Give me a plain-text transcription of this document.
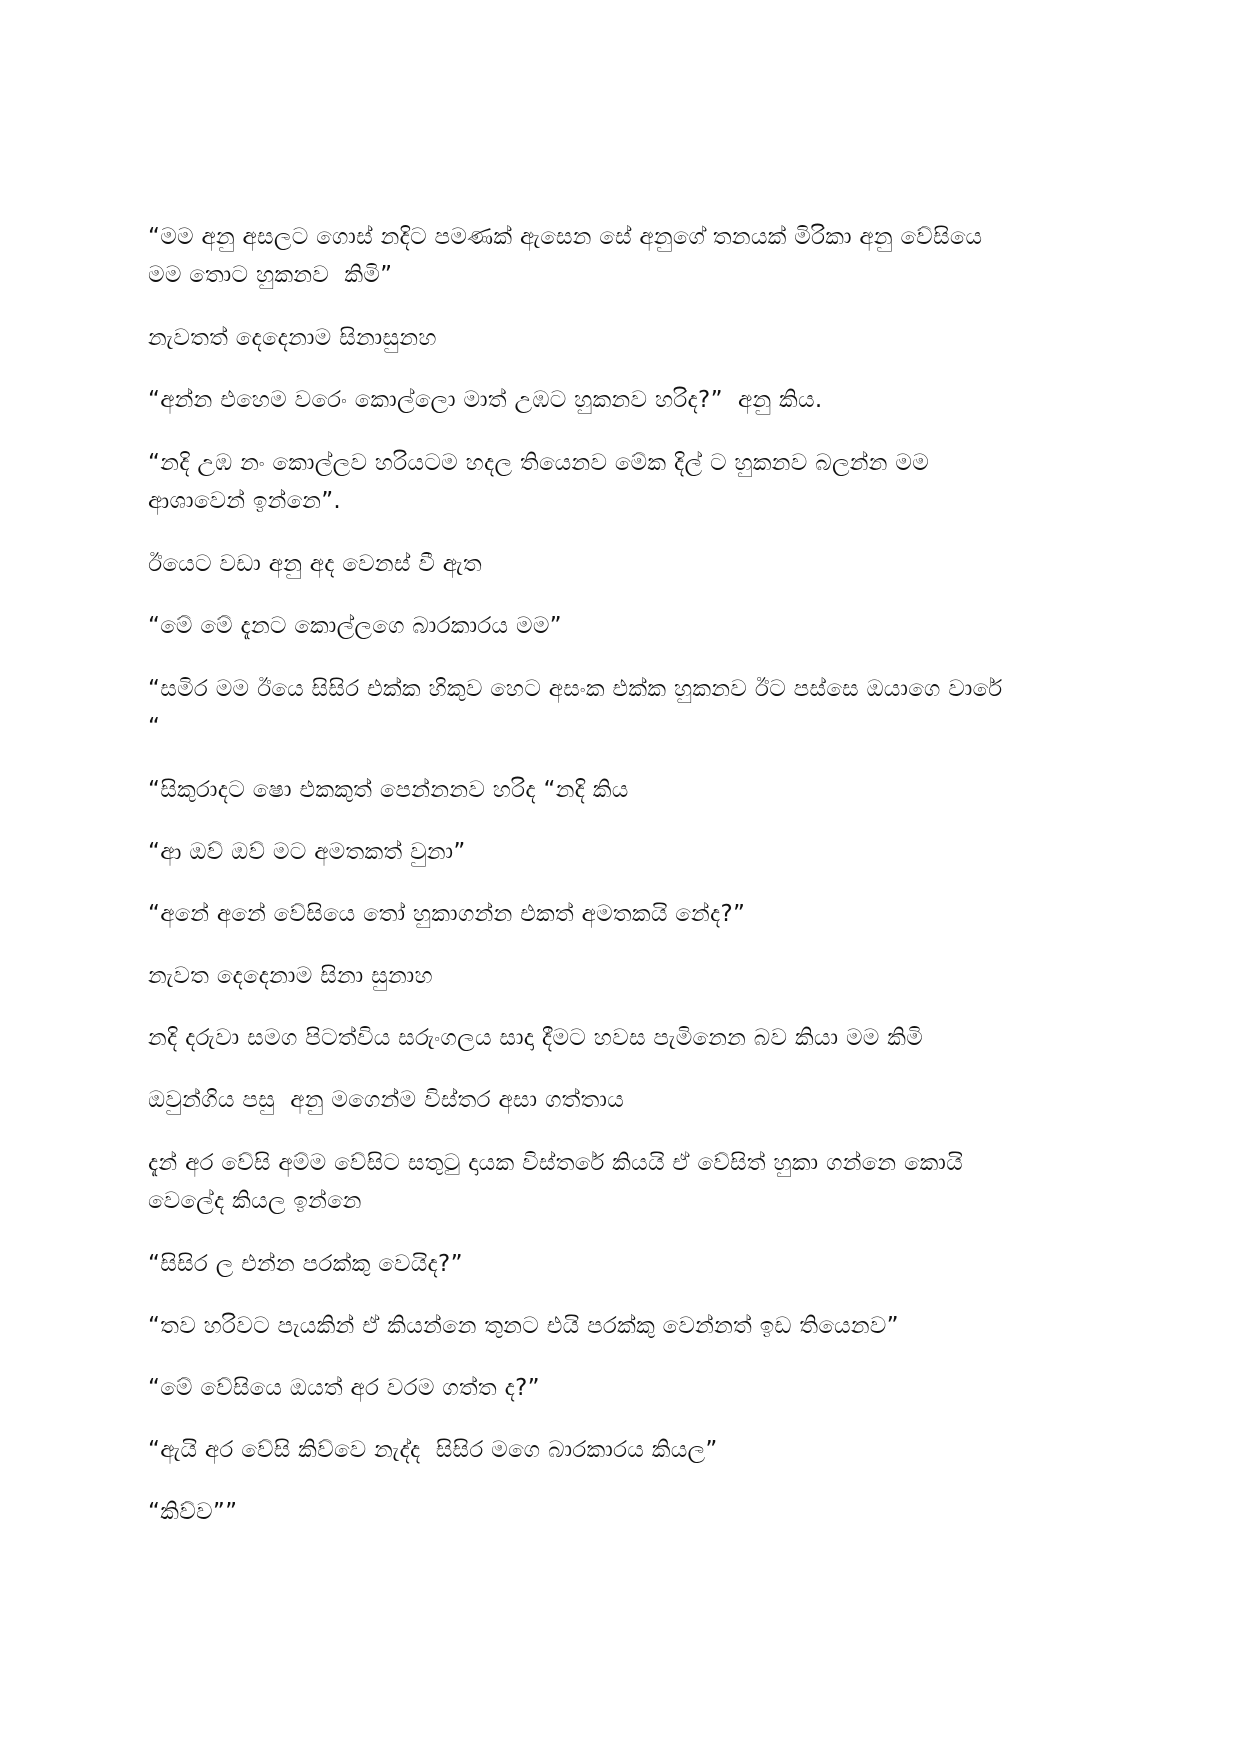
“මම අනු අසලට ගොස් නදිට පමණක් ඇසෙන සේ අනුගේ තනයක් මිරිකා අනු වේසියෙ
මම තොට හුකනව  කිමි”

නැවතත් දෙදෙනාම සිනාසුනහ

“අන්න එහෙම වරෙං කොල්ලො මාත් උඹට හුකනව හරිද?”  අනු කිය.

“නදි උඹ නං කොල්ලව හරියටම හදල තියෙනව මේක දිල් ට හුකනව බලන්න මම
ආශාවෙන් ඉන්නෙ”.

ඊයෙට වඩා අනු අද වෙනස් වී ඇත

“මේ මේ දැනට කොල්ලගෙ බාරකාරය මම”

“සමිර මම ඊයෙ සිසිර එක්ක හිකුව හෙට අසංක එක්ක හුකනව ඊට පස්සෙ ඔයාගෙ වාරේ
“

“සිකුරාදට ෂො එකකුත් පෙන්නනව හරිද “නදි කිය

“ආ ඔව් ඔව් මට අමතකත් වුනා”

“අනේ අනේ වේසියෙ තෝ හුකාගන්න එකත් අමතකයි නේද?”

නැවත දෙදෙනාම සිනා සුනාහ

නදි දරුවා සමග පිටත්විය සරුංගලය සාදා දීමට හවස පැමිනෙන බව කියා මම කිමි

ඔවුන්ගිය පසු  අනු මගෙන්ම විස්තර අසා ගත්තාය

දැන් අර වේසි අම්ම වේසිට සතුටු දායක විස්තරේ කියයි ඒ වේසිත් හුකා ගන්නෙ කොයි
වෙලේද කියල ඉන්නෙ

“සිසිර ල එන්න පරක්කු වෙයිද?”

“තව හරිවට පැයකින් ඒ කියන්නෙ තුනට එයි පරක්කු වෙන්නත් ඉඩ තියෙනව”

“මේ වේසියෙ ඔයත් අර වරම ගත්ත ද?”

“ඇයි අර වේසි කිව්වෙ නැද්ද  සිසිර මගෙ බාරකාරය කියල”

“කිව්ව””
